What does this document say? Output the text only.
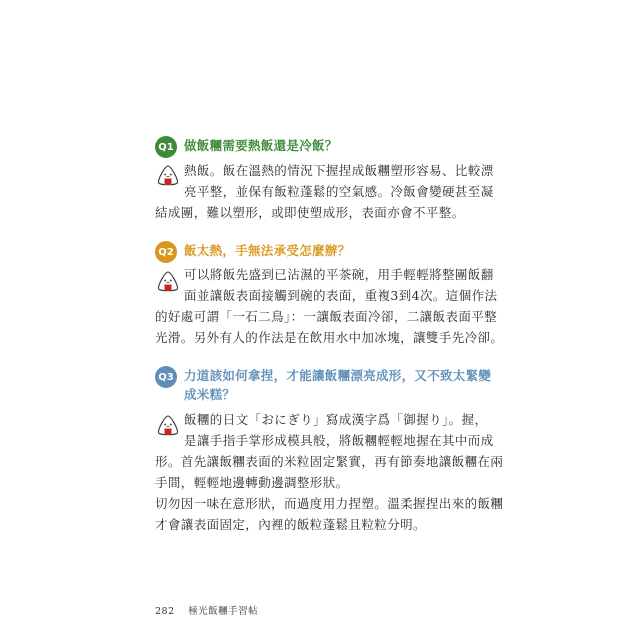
Q1 做飯糰需要熱飯還是冷飯？
熱飯。飯在溫熱的情況下握捏成飯糰塑形容易、比較漂
亮平整，並保有飯粒蓬鬆的空氣感。冷飯會變硬甚至凝
結成團，難以塑形，或即使塑成形，表面亦會不平整。
Q2 飯太熱，手無法承受怎麼辦？
可以將飯先盛到已沾濕的平茶碗，用手輕輕將整團飯翻
面並讓飯表面接觸到碗的表面，重複3到4次。這個作法
的好處可謂「一石二鳥」：一讓飯表面冷卻，二讓飯表面平整
光滑。另外有人的作法是在飲用水中加冰塊，讓雙手先冷卻。
Q3 力道該如何拿捏，才能讓飯糰漂亮成形，又不致太緊變
成米糕？
飯糰的日文「おにぎり」寫成漢字爲「御握り」。握，
是讓手指手掌形成模具般，將飯糰輕輕地握在其中而成
形。首先讓飯糰表面的米粒固定緊實，再有節奏地讓飯糰在兩
手間，輕輕地邊轉動邊調整形狀。
切勿因一味在意形狀，而過度用力捏塑。溫柔握捏出來的飯糰
才會讓表面固定，內裡的飯粒蓬鬆且粒粒分明。
282 極光飯糰手習帖
